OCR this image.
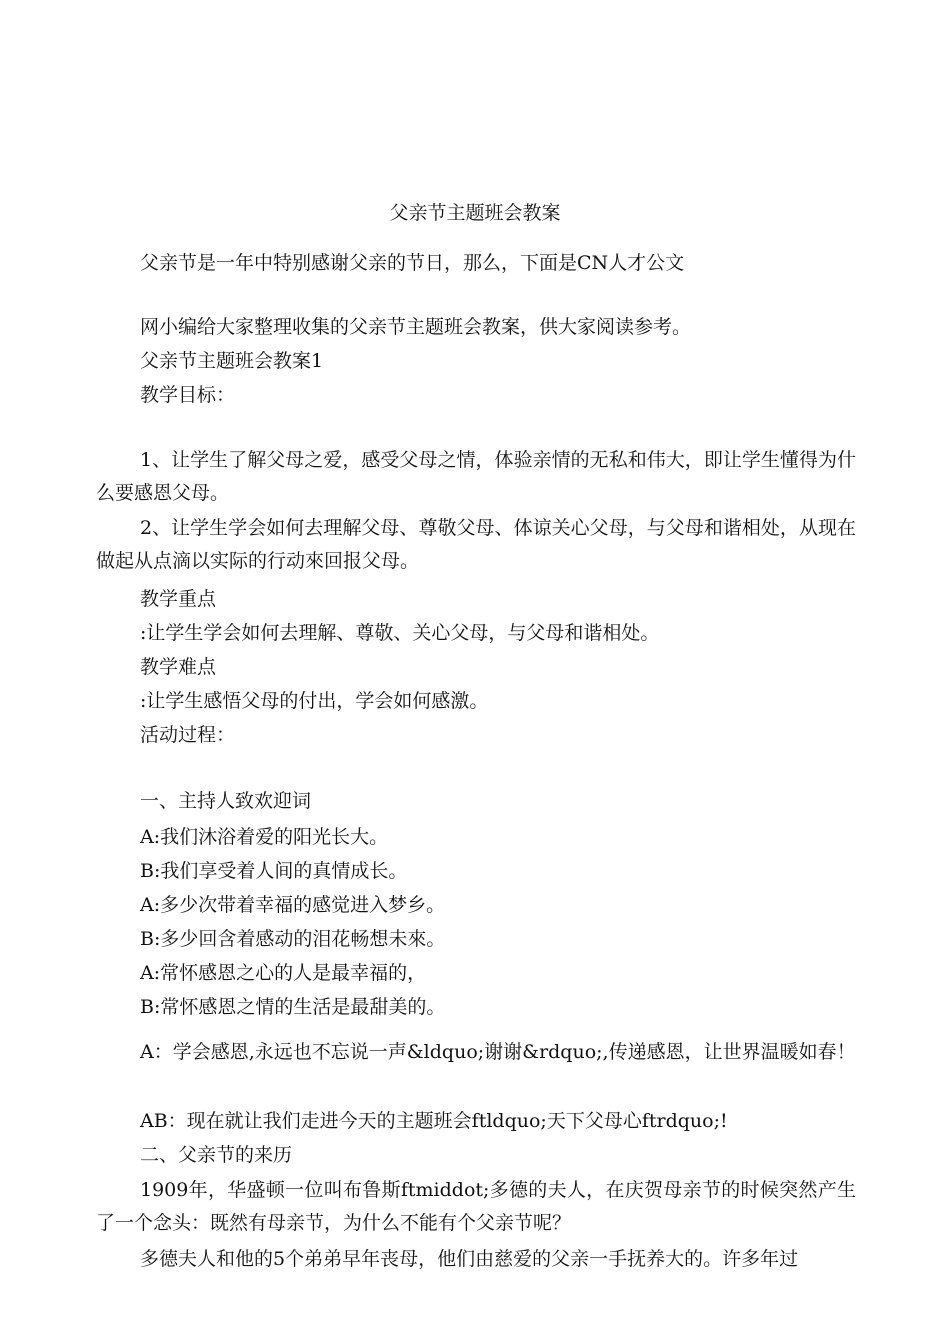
父亲节主题班会教案
父亲节是一年中特别感谢父亲的节日，那么，下面是CN人才公文
网小编给大家整理收集的父亲节主题班会教案，供大家阅读参考。
父亲节主题班会教案1
教学目标：
1、让学生了解父母之爱，感受父母之情，体验亲情的无私和伟大，即让学生懂得为什么要感恩父母。
2、让学生学会如何去理解父母、尊敬父母、体谅关心父母，与父母和谐相处，从现在做起从点滴以实际的行动來回报父母。
教学重点
:让学生学会如何去理解、尊敬、关心父母，与父母和谐相处。
教学难点
:让学生感悟父母的付出，学会如何感激。
活动过程：
一、主持人致欢迎词
A:我们沐浴着爱的阳光长大。
B:我们享受着人间的真情成长。
A:多少次带着幸福的感觉进入梦乡。
B:多少回含着感动的泪花畅想未來。
A:常怀感恩之心的人是最幸福的，
B:常怀感恩之情的生活是最甜美的。
A：学会感恩,永远也不忘说一声&ldquo;谢谢&rdquo;,传递感恩，让世界温暖如春！
AB：现在就让我们走进今天的主题班会ftldquo;天下父母心ftrdquo;!
二、父亲节的来历
1909年，华盛顿一位叫布鲁斯ftmiddot;多德的夫人，在庆贺母亲节的时候突然产生了一个念头：既然有母亲节，为什么不能有个父亲节呢？
多德夫人和他的5个弟弟早年丧母，他们由慈爱的父亲一手抚养大的。许多年过
